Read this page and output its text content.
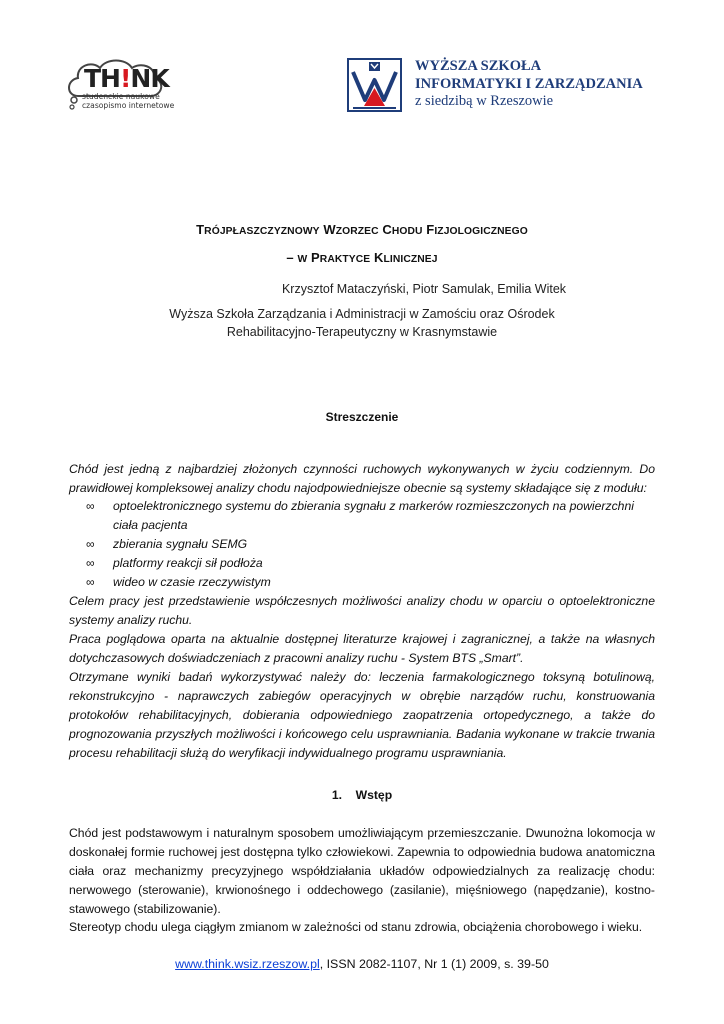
TH!NK
studenckie naukowe
czasopismo internetowe
WYŻSZA SZKOŁA
INFORMATYKI I ZARZĄDZANIA
z siedzibą w Rzeszowie
TRÓJPŁASZCZYZNOWY WZORZEC CHODU FIZJOLOGICZNEGO
– W PRAKTYCE KLINICZNEJ
Krzysztof Mataczyński, Piotr Samulak, Emilia Witek
Wyższa Szkoła Zarządzania i Administracji w Zamościu oraz Ośrodek
Rehabilitacyjno-Terapeutyczny w Krasnymstawie
Streszczenie
Chód jest jedną z najbardziej złożonych czynności ruchowych wykonywanych w życiu codziennym. Do prawidłowej kompleksowej analizy chodu najodpowiedniejsze obecnie są systemy składające się z modułu:
∞ optoelektronicznego systemu do zbierania sygnału z markerów rozmieszczonych na powierzchni ciała pacjenta
∞ zbierania sygnału SEMG
∞ platformy reakcji sił podłoża
∞ wideo w czasie rzeczywistym
Celem pracy jest przedstawienie współczesnych możliwości analizy chodu w oparciu o optoelektroniczne systemy analizy ruchu.
Praca poglądowa oparta na aktualnie dostępnej literaturze krajowej i zagranicznej, a także na własnych dotychczasowych doświadczeniach z pracowni analizy ruchu - System BTS „Smart”.
Otrzymane wyniki badań wykorzystywać należy do: leczenia farmakologicznego toksyną botulinową, rekonstrukcyjno - naprawczych zabiegów operacyjnych w obrębie narządów ruchu, konstruowania protokołów rehabilitacyjnych, dobierania odpowiedniego zaopatrzenia ortopedycznego, a także do prognozowania przyszłych możliwości i końcowego celu usprawniania. Badania wykonane w trakcie trwania procesu rehabilitacji służą do weryfikacji indywidualnego programu usprawniania.
1. Wstęp
Chód jest podstawowym i naturalnym sposobem umożliwiającym przemieszczanie. Dwunożna lokomocja w doskonałej formie ruchowej jest dostępna tylko człowiekowi. Zapewnia to odpowiednia budowa anatomiczna ciała oraz mechanizmy precyzyjnego współdziałania układów odpowiedzialnych za realizację chodu: nerwowego (sterowanie), krwionośnego i oddechowego (zasilanie), mięśniowego (napędzanie), kostno-stawowego (stabilizowanie).
Stereotyp chodu ulega ciągłym zmianom w zależności od stanu zdrowia, obciążenia chorobowego i wieku.
www.think.wsiz.rzeszow.pl, ISSN 2082-1107, Nr 1 (1) 2009, s. 39-50
